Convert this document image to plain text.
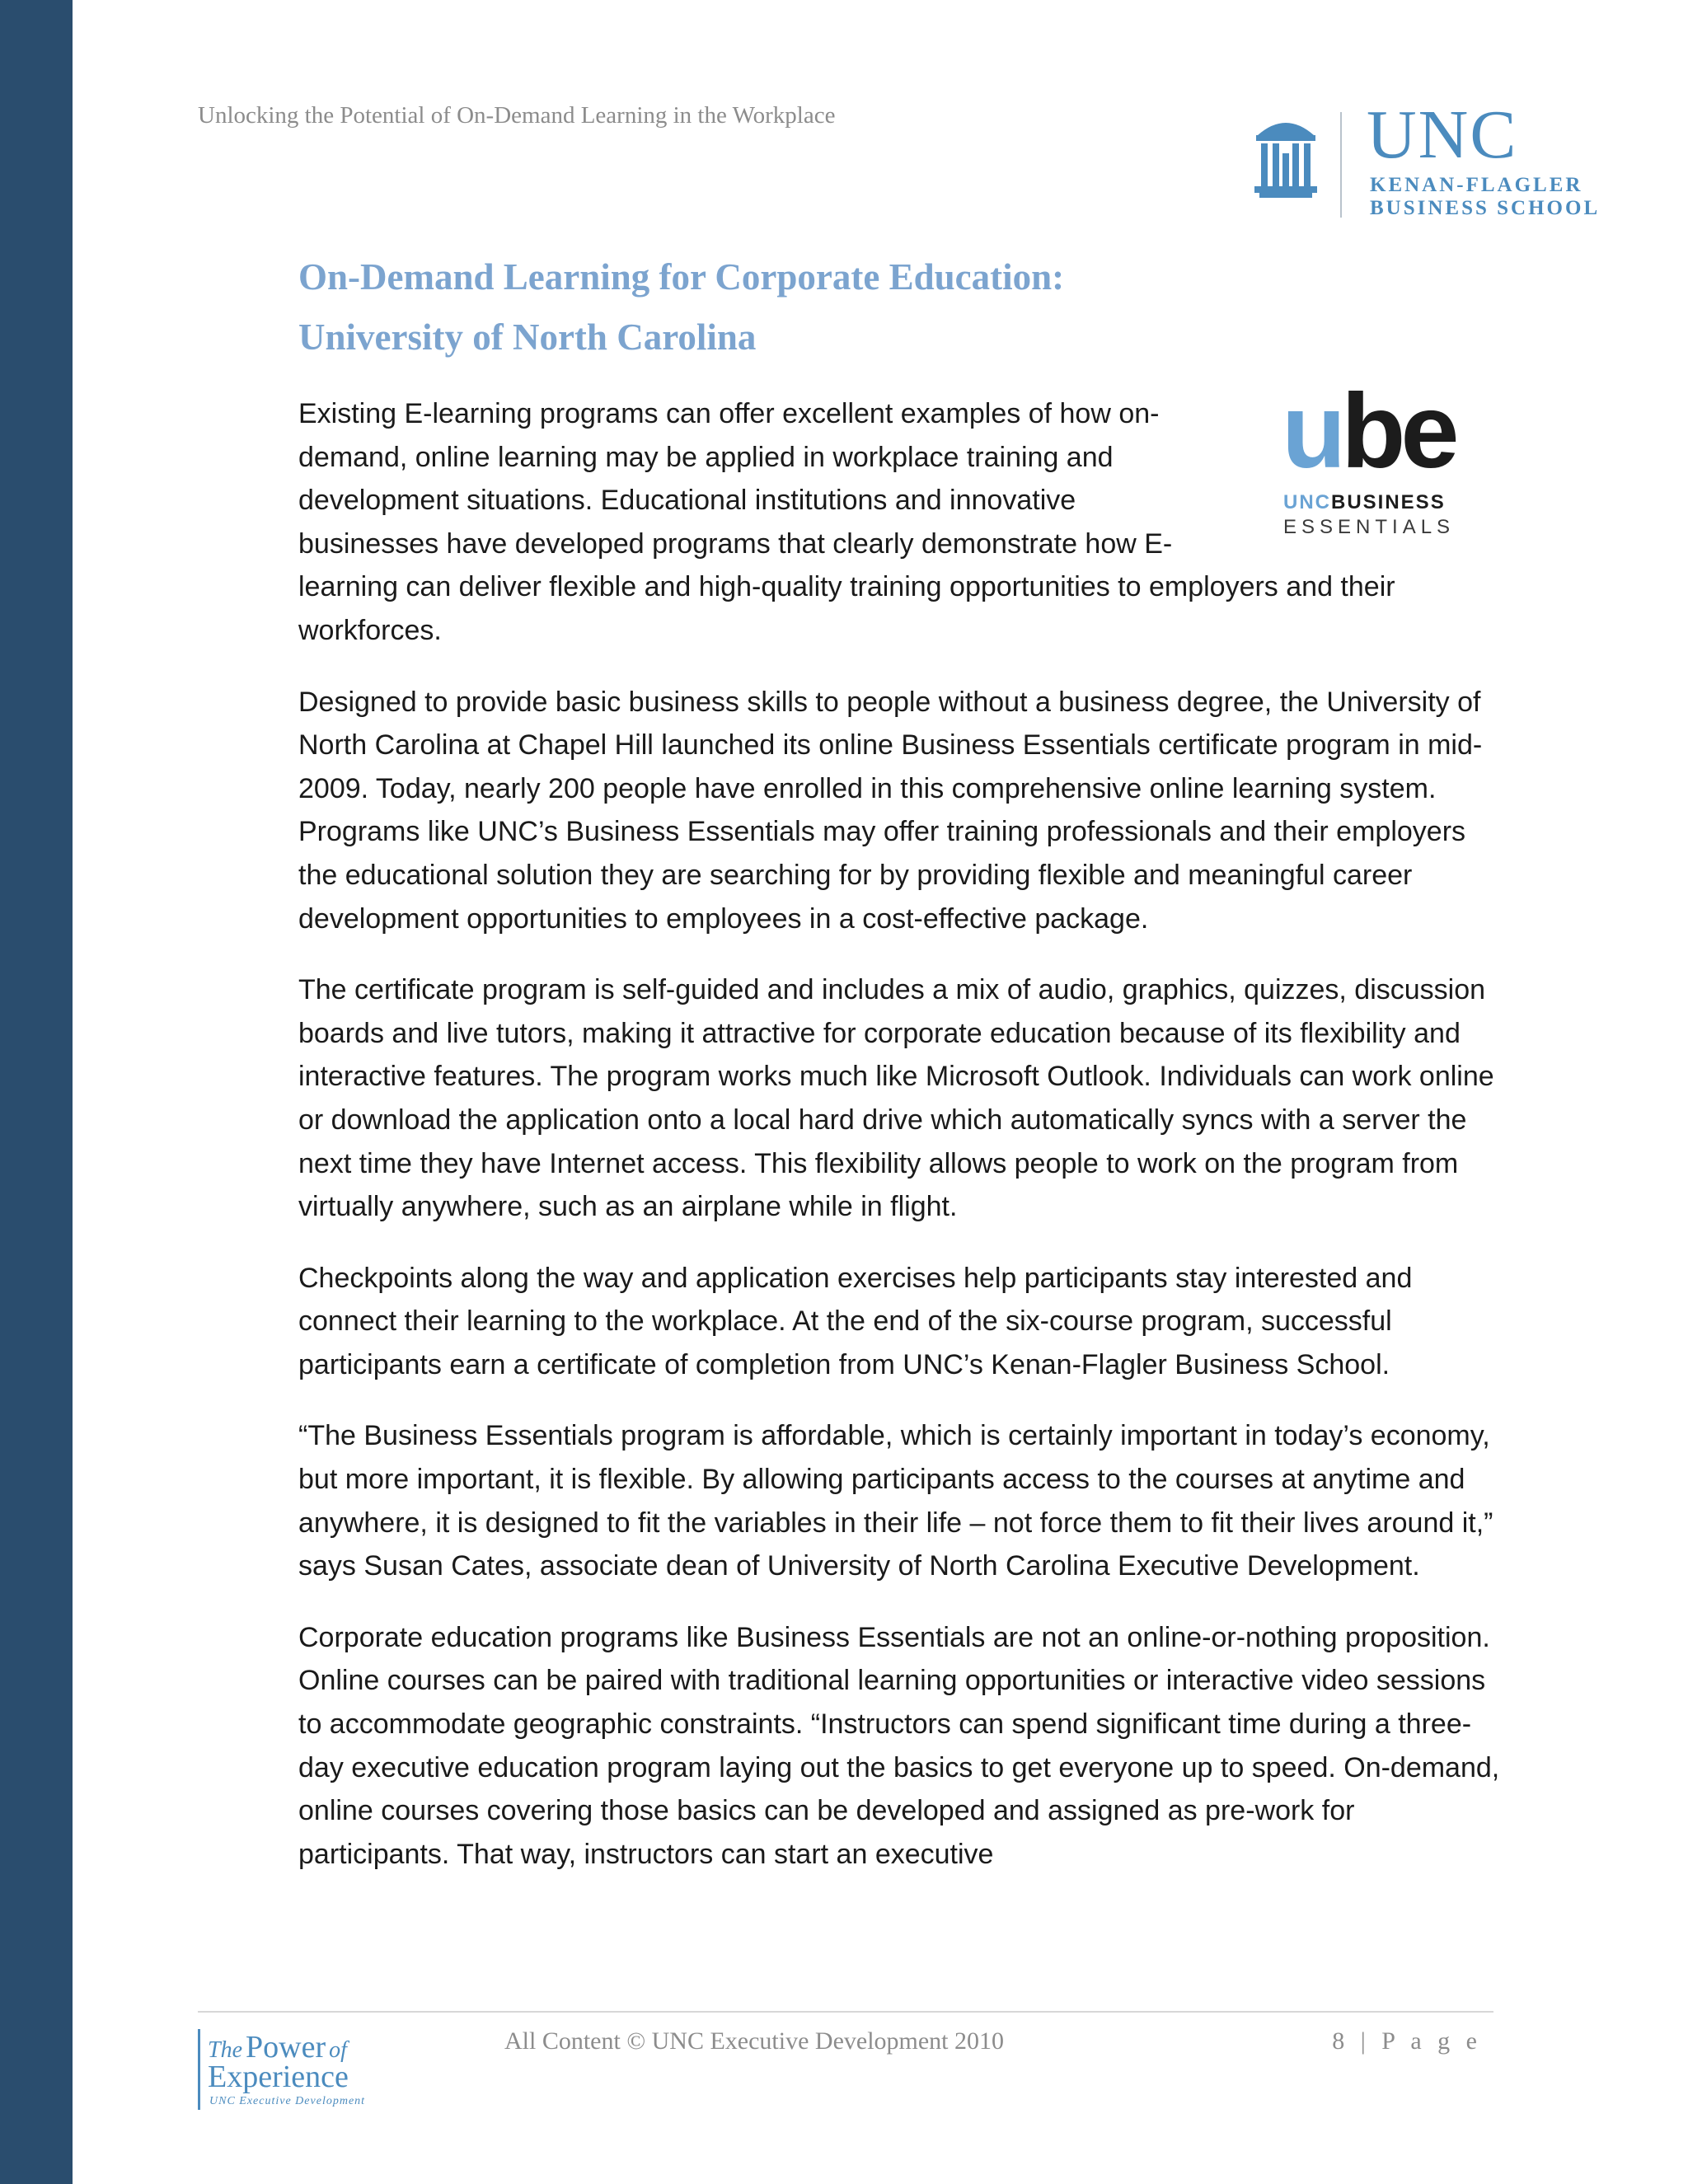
Unlocking the Potential of On-Demand Learning in the Workplace	UNC
KENAN-FLAGLER
BUSINESS SCHOOL
On-Demand Learning for Corporate Education:
University of North Carolina
ube
UNCBUSINESS
ESSENTIALS

Existing E-learning programs can offer excellent examples of how on-demand, online learning may be applied in workplace training and development situations. Educational institutions and innovative businesses have developed programs that clearly demonstrate how E-learning can deliver flexible and high-quality training opportunities to employers and their workforces.

Designed to provide basic business skills to people without a business degree, the University of North Carolina at Chapel Hill launched its online Business Essentials certificate program in mid-2009. Today, nearly 200 people have enrolled in this comprehensive online learning system. Programs like UNC’s Business Essentials may offer training professionals and their employers the educational solution they are searching for by providing flexible and meaningful career development opportunities to employees in a cost-effective package.

The certificate program is self-guided and includes a mix of audio, graphics, quizzes, discussion boards and live tutors, making it attractive for corporate education because of its flexibility and interactive features. The program works much like Microsoft Outlook. Individuals can work online or download the application onto a local hard drive which automatically syncs with a server the next time they have Internet access. This flexibility allows people to work on the program from virtually anywhere, such as an airplane while in flight.

Checkpoints along the way and application exercises help participants stay interested and connect their learning to the workplace. At the end of the six-course program, successful participants earn a certificate of completion from UNC’s Kenan-Flagler Business School.

“The Business Essentials program is affordable, which is certainly important in today’s economy, but more important, it is flexible. By allowing participants access to the courses at anytime and anywhere, it is designed to fit the variables in their life – not force them to fit their lives around it,” says Susan Cates, associate dean of University of North Carolina Executive Development.

Corporate education programs like Business Essentials are not an online-or-nothing proposition. Online courses can be paired with traditional learning opportunities or interactive video sessions to accommodate geographic constraints. “Instructors can spend significant time during a three-day executive education program laying out the basics to get everyone up to speed. On-demand, online courses covering those basics can be developed and assigned as pre-work for participants. That way, instructors can start an executive

The Power of
Experience
UNC Executive Development
All Content © UNC Executive Development 2010	8 | P a g e
